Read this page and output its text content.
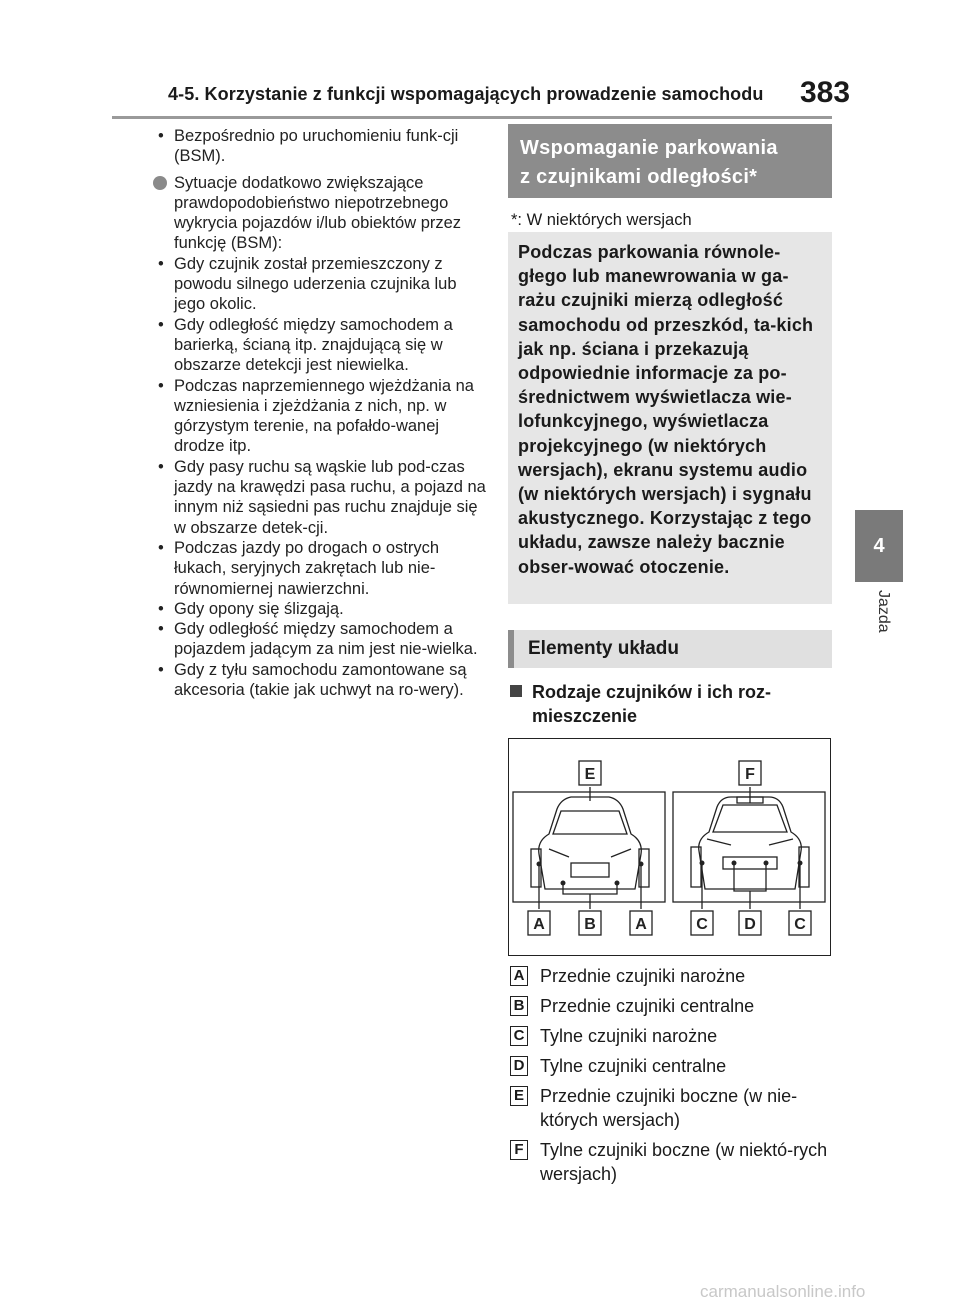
4-5. Korzystanie z funkcji wspomagających prowadzenie samochodu 383
4
Jazda
• Bezpośrednio po uruchomieniu funk-cji (BSM).
Sytuacje dodatkowo zwiększające prawdopodobieństwo niepotrzebnego wykrycia pojazdów i/lub obiektów przez funkcję (BSM):
• Gdy czujnik został przemieszczony z powodu silnego uderzenia czujnika lub jego okolic.
• Gdy odległość między samochodem a barierką, ścianą itp. znajdującą się w obszarze detekcji jest niewielka.
• Podczas naprzemiennego wjeżdżania na wzniesienia i zjeżdżania z nich, np. w górzystym terenie, na pofałdo-wanej drodze itp.
• Gdy pasy ruchu są wąskie lub pod-czas jazdy na krawędzi pasa ruchu, a pojazd na innym niż sąsiedni pas ruchu znajduje się w obszarze detek-cji.
• Podczas jazdy po drogach o ostrych łukach, seryjnych zakrętach lub nie-równomiernej nawierzchni.
• Gdy opony się ślizgają.
• Gdy odległość między samochodem a pojazdem jadącym za nim jest nie-wielka.
• Gdy z tyłu samochodu zamontowane są akcesoria (takie jak uchwyt na ro-wery).
Wspomaganie parkowania
z czujnikami odległości*
*: W niektórych wersjach
Podczas parkowania równole-głego lub manewrowania w ga-rażu czujniki mierzą odległość samochodu od przeszkód, ta-kich jak np. ściana i przekazują odpowiednie informacje za po-średnictwem wyświetlacza wie-lofunkcyjnego, wyświetlacza projekcyjnego (w niektórych wersjach), ekranu systemu audio (w niektórych wersjach) i sygnału akustycznego. Korzystając z tego układu, zawsze należy bacznie obser-wować otoczenie.
Elementy układu
Rodzaje czujników i ich roz-mieszczenie
E	F
A B A	C D C
A Przednie czujniki narożne
B Przednie czujniki centralne
C Tylne czujniki narożne
D Tylne czujniki centralne
E Przednie czujniki boczne (w nie-których wersjach)
F Tylne czujniki boczne (w niektó-rych wersjach)
carmanualsonline.info
